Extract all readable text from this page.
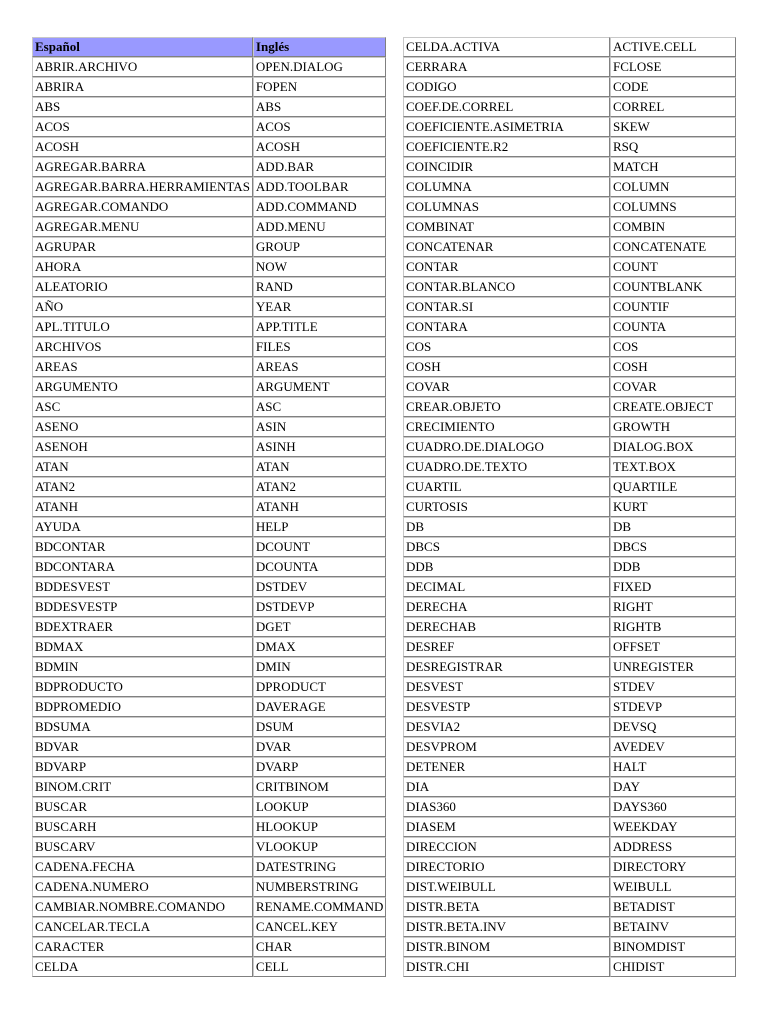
Español	Inglés
ABRIR.ARCHIVO	OPEN.DIALOG
ABRIRA	FOPEN
ABS	ABS
ACOS	ACOS
ACOSH	ACOSH
AGREGAR.BARRA	ADD.BAR
AGREGAR.BARRA.HERRAMIENTAS	ADD.TOOLBAR
AGREGAR.COMANDO	ADD.COMMAND
AGREGAR.MENU	ADD.MENU
AGRUPAR	GROUP
AHORA	NOW
ALEATORIO	RAND
AÑO	YEAR
APL.TITULO	APP.TITLE
ARCHIVOS	FILES
AREAS	AREAS
ARGUMENTO	ARGUMENT
ASC	ASC
ASENO	ASIN
ASENOH	ASINH
ATAN	ATAN
ATAN2	ATAN2
ATANH	ATANH
AYUDA	HELP
BDCONTAR	DCOUNT
BDCONTARA	DCOUNTA
BDDESVEST	DSTDEV
BDDESVESTP	DSTDEVP
BDEXTRAER	DGET
BDMAX	DMAX
BDMIN	DMIN
BDPRODUCTO	DPRODUCT
BDPROMEDIO	DAVERAGE
BDSUMA	DSUM
BDVAR	DVAR
BDVARP	DVARP
BINOM.CRIT	CRITBINOM
BUSCAR	LOOKUP
BUSCARH	HLOOKUP
BUSCARV	VLOOKUP
CADENA.FECHA	DATESTRING
CADENA.NUMERO	NUMBERSTRING
CAMBIAR.NOMBRE.COMANDO	RENAME.COMMAND
CANCELAR.TECLA	CANCEL.KEY
CARACTER	CHAR
CELDA	CELL
CELDA.ACTIVA	ACTIVE.CELL
CERRARA	FCLOSE
CODIGO	CODE
COEF.DE.CORREL	CORREL
COEFICIENTE.ASIMETRIA	SKEW
COEFICIENTE.R2	RSQ
COINCIDIR	MATCH
COLUMNA	COLUMN
COLUMNAS	COLUMNS
COMBINAT	COMBIN
CONCATENAR	CONCATENATE
CONTAR	COUNT
CONTAR.BLANCO	COUNTBLANK
CONTAR.SI	COUNTIF
CONTARA	COUNTA
COS	COS
COSH	COSH
COVAR	COVAR
CREAR.OBJETO	CREATE.OBJECT
CRECIMIENTO	GROWTH
CUADRO.DE.DIALOGO	DIALOG.BOX
CUADRO.DE.TEXTO	TEXT.BOX
CUARTIL	QUARTILE
CURTOSIS	KURT
DB	DB
DBCS	DBCS
DDB	DDB
DECIMAL	FIXED
DERECHA	RIGHT
DERECHAB	RIGHTB
DESREF	OFFSET
DESREGISTRAR	UNREGISTER
DESVEST	STDEV
DESVESTP	STDEVP
DESVIA2	DEVSQ
DESVPROM	AVEDEV
DETENER	HALT
DIA	DAY
DIAS360	DAYS360
DIASEM	WEEKDAY
DIRECCION	ADDRESS
DIRECTORIO	DIRECTORY
DIST.WEIBULL	WEIBULL
DISTR.BETA	BETADIST
DISTR.BETA.INV	BETAINV
DISTR.BINOM	BINOMDIST
DISTR.CHI	CHIDIST
